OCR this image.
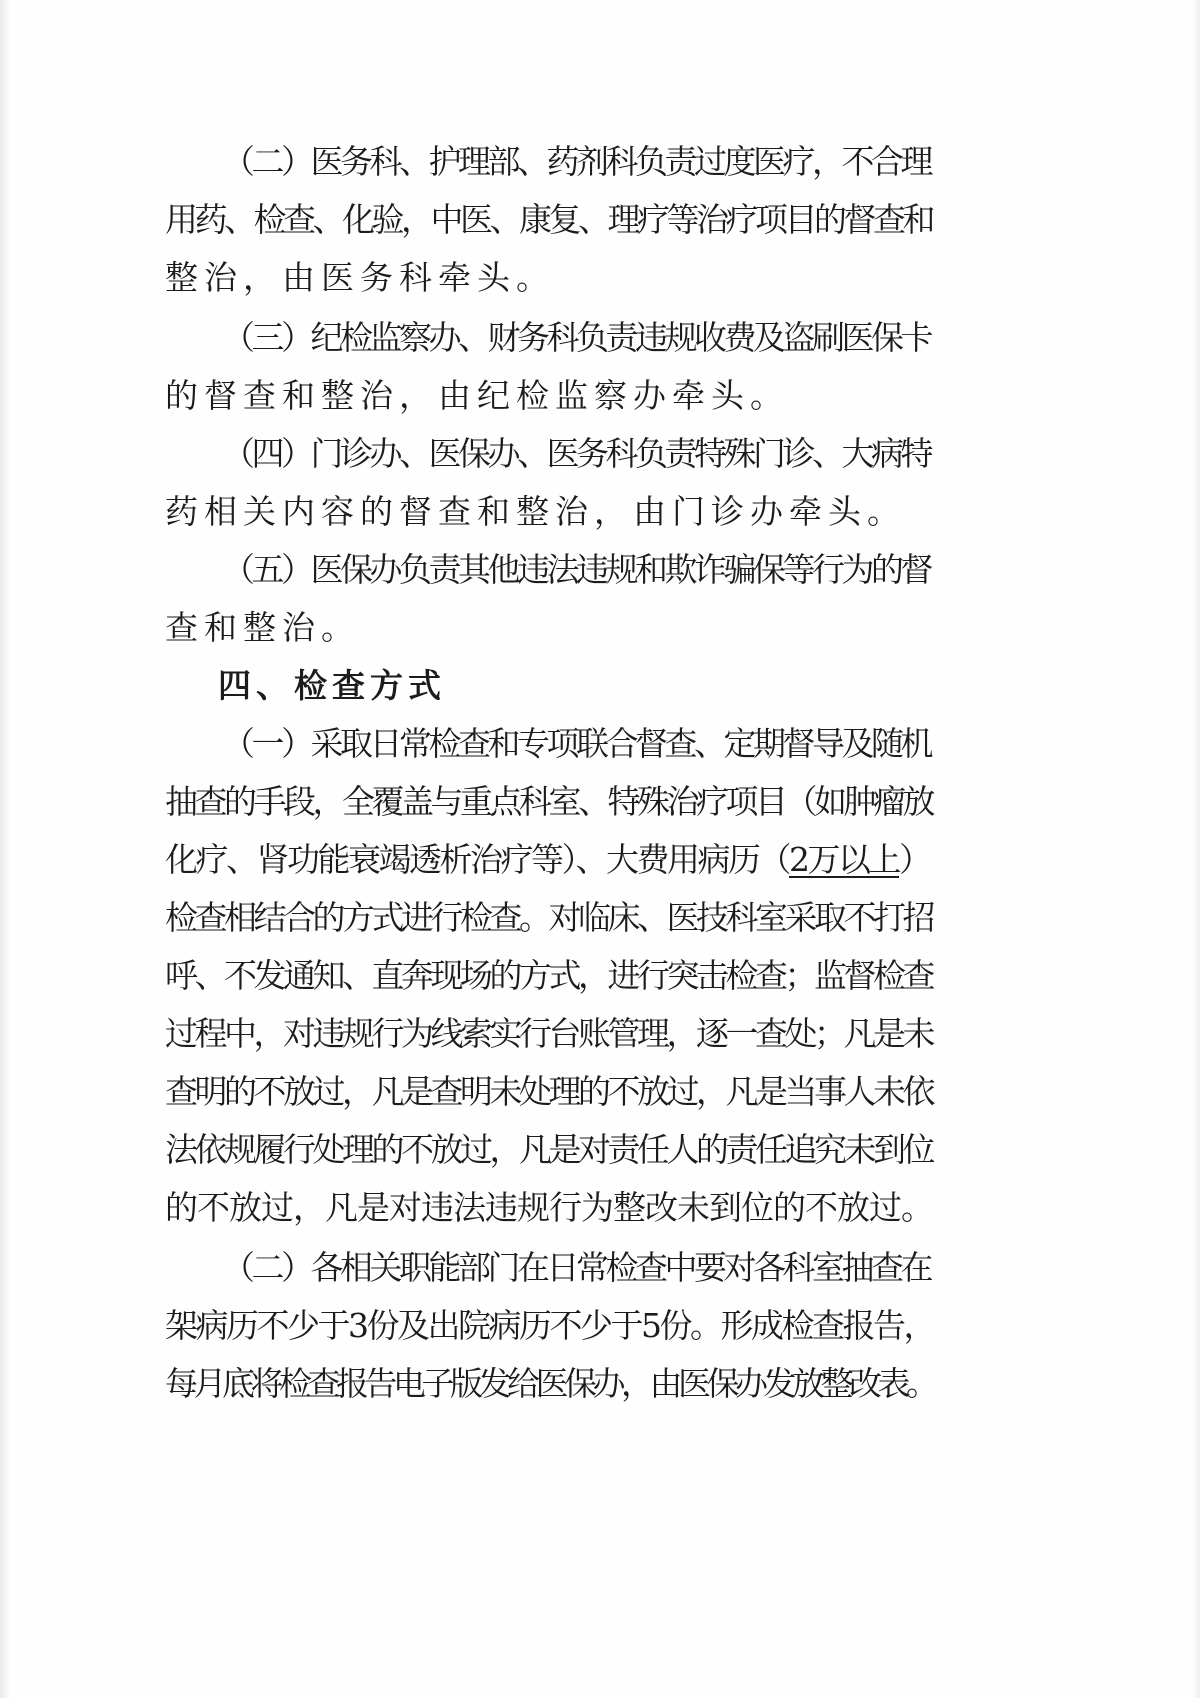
（二）医务科、护理部、药剂科负责过度医疗，不合理
用药、检查、化验，中医、康复、理疗等治疗项目的督查和
整治，由医务科牵头。
（三）纪检监察办、财务科负责违规收费及盗刷医保卡
的督查和整治，由纪检监察办牵头。
（四）门诊办、医保办、医务科负责特殊门诊、大病特
药相关内容的督查和整治，由门诊办牵头。
（五）医保办负责其他违法违规和欺诈骗保等行为的督
查和整治。
四、检查方式
（一）采取日常检查和专项联合督查、定期督导及随机
抽查的手段，全覆盖与重点科室、特殊治疗项目（如肿瘤放
化疗、肾功能衰竭透析治疗等）、大费用病历（2万以上）
检查相结合的方式进行检查。对临床、医技科室采取不打招
呼、不发通知、直奔现场的方式，进行突击检查；监督检查
过程中，对违规行为线索实行台账管理，逐一查处；凡是未
查明的不放过，凡是查明未处理的不放过，凡是当事人未依
法依规履行处理的不放过，凡是对责任人的责任追究未到位
的不放过，凡是对违法违规行为整改未到位的不放过。
（二）各相关职能部门在日常检查中要对各科室抽查在
架病历不少于3份及出院病历不少于5份。形成检查报告，
每月底将检查报告电子版发给医保办，由医保办发放整改表。
